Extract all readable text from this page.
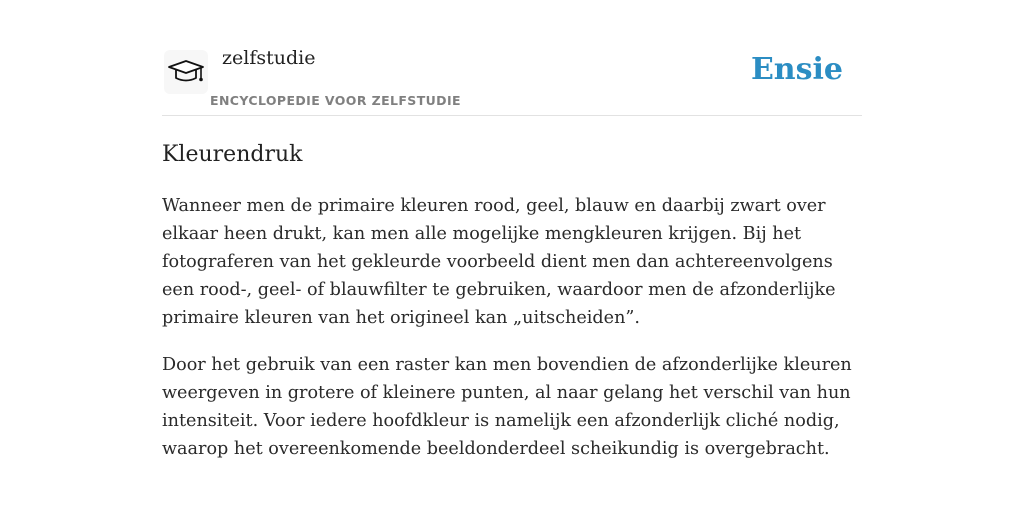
zelfstudie
ENCYCLOPEDIE VOOR ZELFSTUDIE
Ensie
Kleurendruk

Wanneer men de primaire kleuren rood, geel, blauw en daarbij zwart over elkaar heen drukt, kan men alle mogelijke mengkleuren krijgen. Bij het fotograferen van het gekleurde voorbeeld dient men dan achtereenvolgens een rood-, geel- of blauwfilter te gebruiken, waardoor men de afzonderlijke primaire kleuren van het origineel kan „uitscheiden”.

Door het gebruik van een raster kan men bovendien de afzonderlijke kleuren weergeven in grotere of kleinere punten, al naar gelang het verschil van hun intensiteit. Voor iedere hoofdkleur is namelijk een afzonderlijk cliché nodig, waarop het overeenkomende beeldonderdeel scheikundig is overgebracht.
